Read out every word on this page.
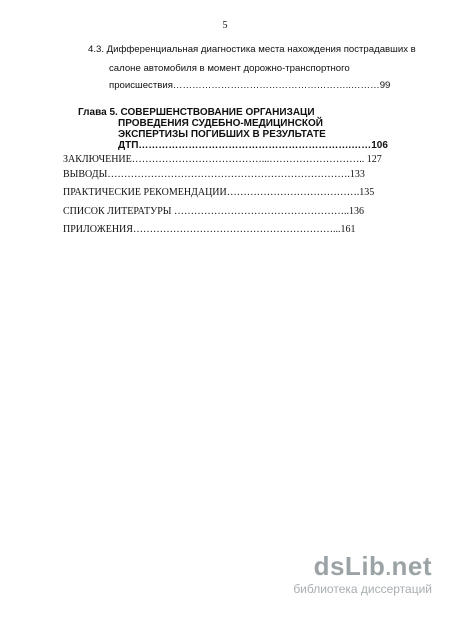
5
4.3. Дифференциальная диагностика места нахождения пострадавших в
салоне автомобиля в момент дорожно-транспортного
происшествия………………………………………………..………99
Глава 5. СОВЕРШЕНСТВОВАНИЕ ОРГАНИЗАЦИ
ПРОВЕДЕНИЯ СУДЕБНО-МЕДИЦИНСКОЙ
ЭКСПЕРТИЗЫ ПОГИБШИХ В РЕЗУЛЬТАТЕ
ДТП……………………………………………………….……106
ЗАКЛЮЧЕНИЕ…………………………………...……………………….. 127
ВЫВОДЫ……………………………………………………………….133
ПРАКТИЧЕСКИЕ РЕКОМЕНДАЦИИ………………………………….135
СПИСОК ЛИТЕРАТУРЫ ……………………………………………..136
ПРИЛОЖЕНИЯ……………………………………………………...161
dsLib.net
библиотека диссертаций
